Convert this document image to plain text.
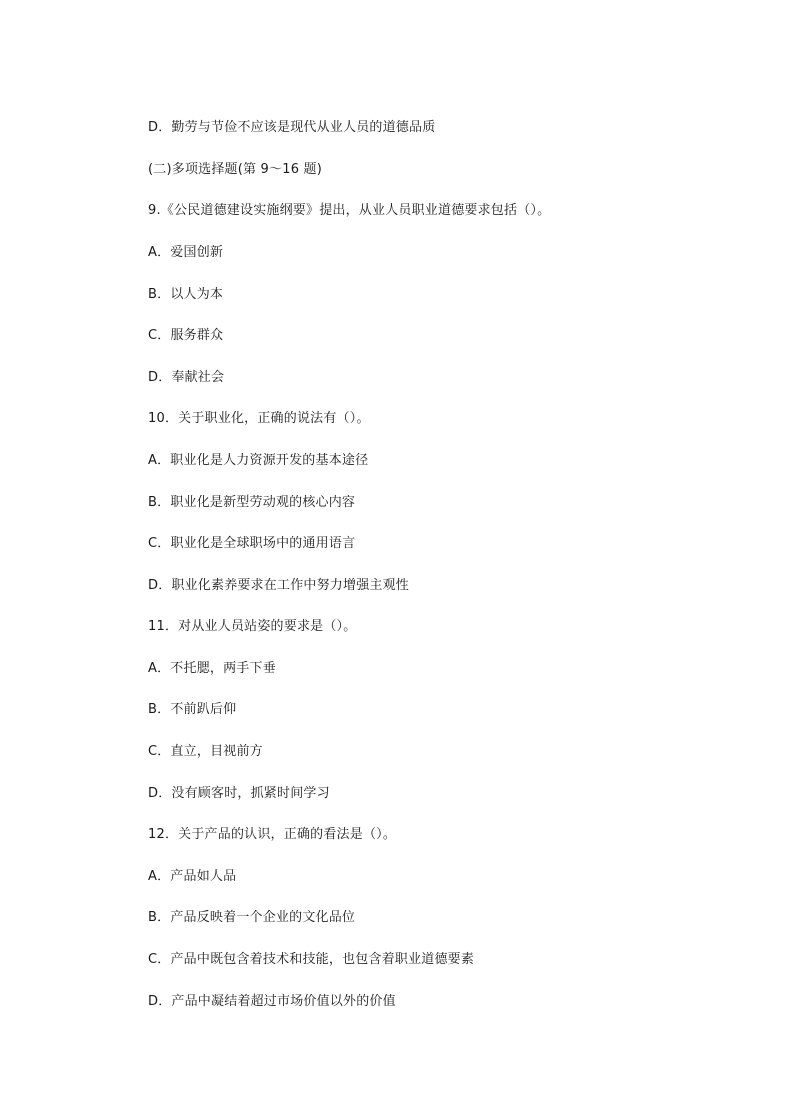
D．勤劳与节俭不应该是现代从业人员的道德品质
(二)多项选择题(第 9～16 题)
9.《公民道德建设实施纲要》提出，从业人员职业道德要求包括（）。
A．爱国创新
B．以人为本
C．服务群众
D．奉献社会
10．关于职业化，正确的说法有（）。
A．职业化是人力资源开发的基本途径
B．职业化是新型劳动观的核心内容
C．职业化是全球职场中的通用语言
D．职业化素养要求在工作中努力增强主观性
11．对从业人员站姿的要求是（）。
A．不托腮，两手下垂
B．不前趴后仰
C．直立，目视前方
D．没有顾客时，抓紧时间学习
12．关于产品的认识，正确的看法是（）。
A．产品如人品
B．产品反映着一个企业的文化品位
C．产品中既包含着技术和技能，也包含着职业道德要素
D．产品中凝结着超过市场价值以外的价值
